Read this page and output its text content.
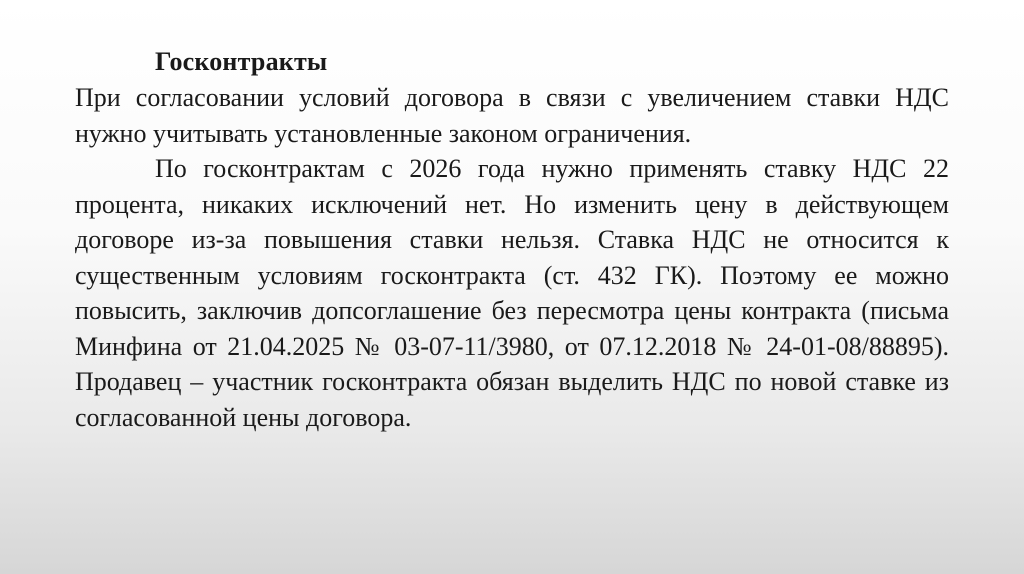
Госконтракты

При согласовании условий договора в связи с увеличением ставки НДС нужно учитывать установленные законом ограничения.

По госконтрактам с 2026 года нужно применять ставку НДС 22 процента, никаких исключений нет. Но изменить цену в действующем договоре из-за повышения ставки нельзя. Ставка НДС не относится к существенным условиям госконтракта (ст. 432 ГК). Поэтому ее можно повысить, заключив допсоглашение без пересмотра цены контракта (письма Минфина от 21.04.2025 № 03-07-11/3980, от 07.12.2018 № 24-01-08/88895). Продавец – участник госконтракта обязан выделить НДС по новой ставке из согласованной цены договора.
